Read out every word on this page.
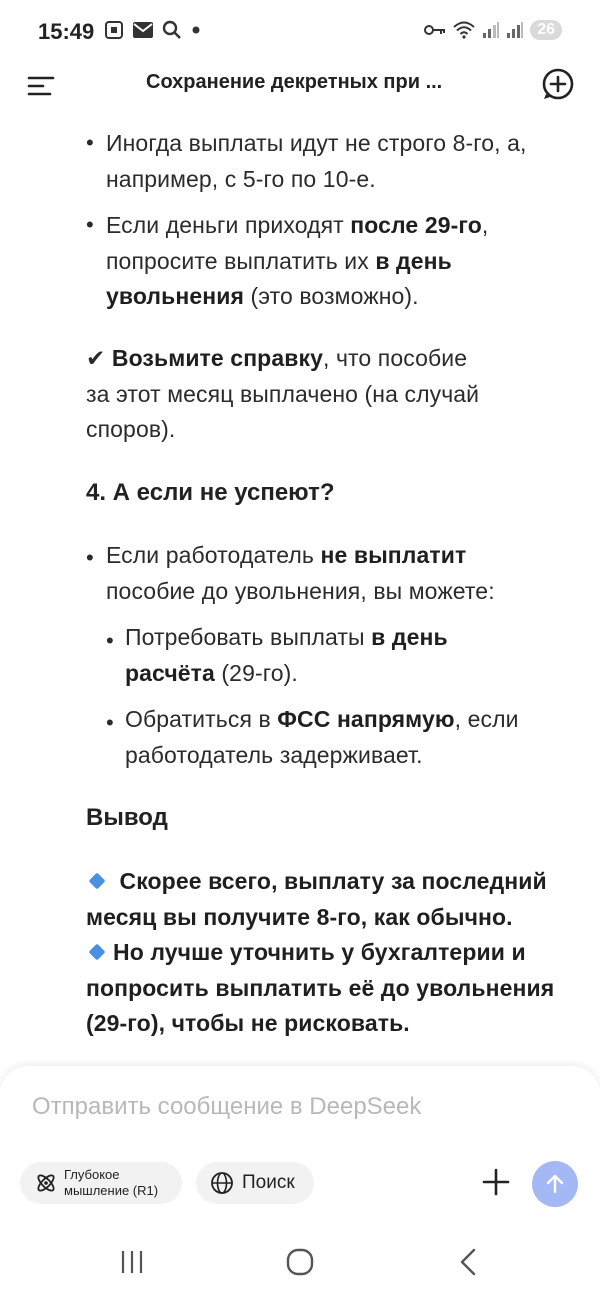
15:49	26
Сохранение декретных при ...
• Иногда выплаты идут не строго 8-го, а,
например, с 5-го по 10-е.
• Если деньги приходят после 29-го,
попросите выплатить их в день
увольнения (это возможно).
✔ Возьмите справку, что пособие
за этот месяц выплачено (на случай
споров).
4. А если не успеют?
• Если работодатель не выплатит
пособие до увольнения, вы можете:
• Потребовать выплаты в день
расчёта (29-го).
• Обратиться в ФСС напрямую, если
работодатель задерживает.
Вывод
Скорее всего, выплату за последний
месяц вы получите 8-го, как обычно.
Но лучше уточнить у бухгалтерии и
попросить выплатить её до увольнения
(29-го), чтобы не рисковать.
Отправить сообщение в DeepSeek
Глубокое
мышление (R1)	Поиск
